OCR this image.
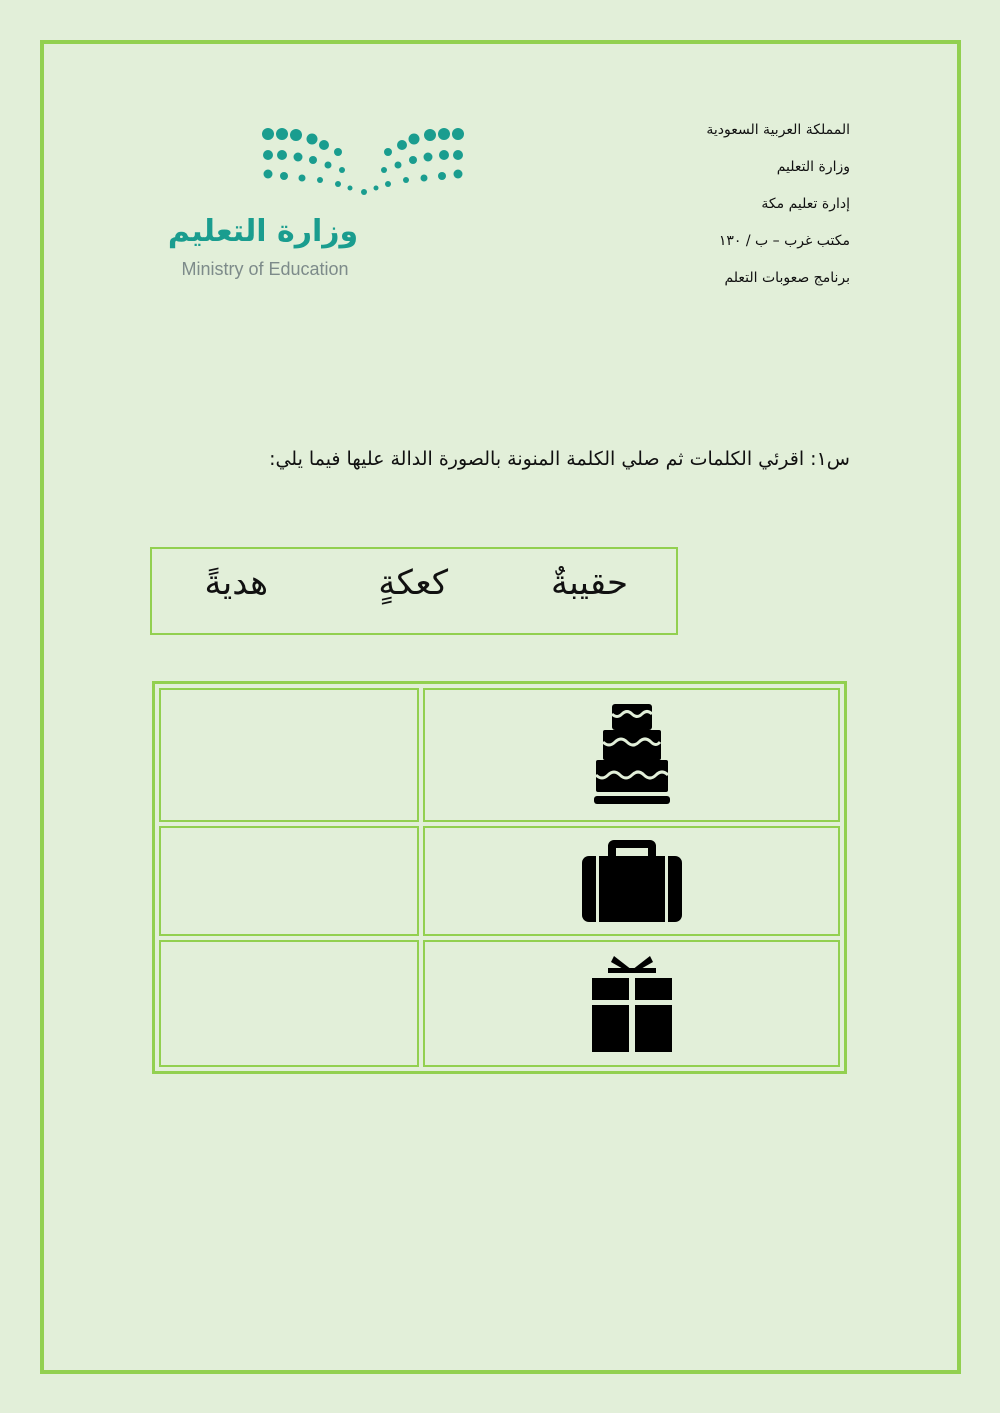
المملكة العربية السعودية
وزارة التعليم
إدارة تعليم مكة
مكتب غرب – ب / ١٣٠
برنامج صعوبات التعلم
وزارة التعليم
Ministry of Education
س١: اقرئي الكلمات ثم صلي الكلمة المنونة بالصورة الدالة عليها فيما يلي:
حقيبةٌ
كعكةٍ
هديةً
